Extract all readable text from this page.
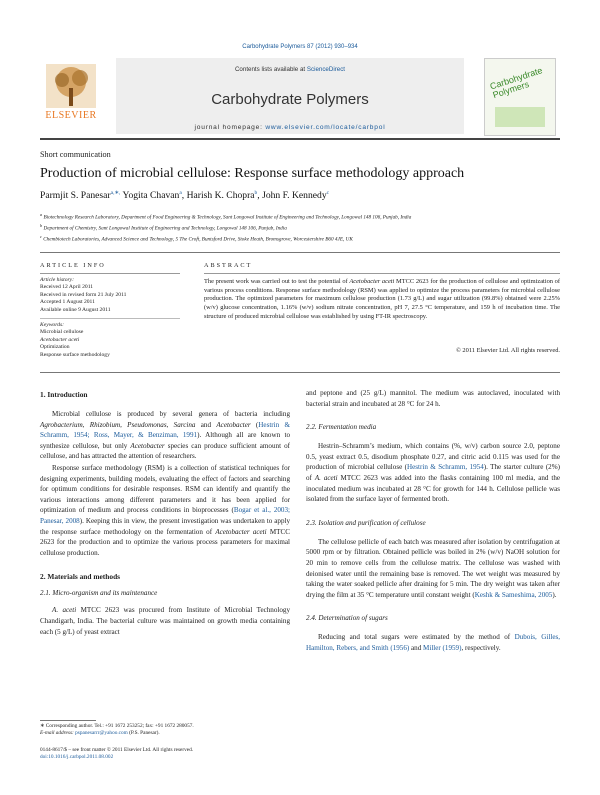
Carbohydrate Polymers 87 (2012) 930–934
ELSEVIER
Contents lists available at ScienceDirect
Carbohydrate Polymers
Carbohydrate Polymers
journal homepage: www.elsevier.com/locate/carbpol
Short communication
Production of microbial cellulose: Response surface methodology approach
Parmjit S. Panesar$^{a,∗,}$ Yogita Chavan$^a$, Harish K. Chopra$^b$, John F. Kennedy$^c$
$^a$ Biotechnology Research Laboratory, Department of Food Engineering & Technology, Sant Longowal Institute of Engineering and Technology, Longowal 148 106, Punjab, India
$^b$ Department of Chemistry, Sant Longowal Institute of Engineering and Technology, Longowal 148 106, Punjab, India
$^c$ Chembiotech Laboratories, Advanced Science and Technology, 5 The Croft, Buntsford Drive, Stoke Heath, Bromsgrove, Worcestershire B60 4JE, UK
ARTICLE INFO
Article history:
Received 12 April 2011
Received in revised form 21 July 2011
Accepted 1 August 2011
Available online 9 August 2011
Keywords:
Microbial cellulose
Acetobacter aceti
Optimization
Response surface methodology
ABSTRACT
The present work was carried out to test the potential of Acetobacter aceti MTCC 2623 for the production of cellulose and optimization of various process conditions. Response surface methodology (RSM) was applied to optimize the process parameters for microbial cellulose production. The optimized parameters for maximum cellulose production (1.73 g/L) and sugar utilization (99.8%) obtained were 2.25% (w/v) glucose concentration, 1.16% (w/v) sodium nitrate concentration, pH 7, 27.5 °C temperature, and 159 h of incubation time. The structure of produced microbial cellulose was established by using FT-IR spectroscopy.
© 2011 Elsevier Ltd. All rights reserved.
1. Introduction

Microbial cellulose is produced by several genera of bacteria including Agrobacterium, Rhizobium, Pseudomonas, Sarcina and Acetobacter (Hestrin & Schramm, 1954; Ross, Mayer, & Benziman, 1991). Although all are known to synthesize cellulose, but only Acetobacter species can produce sufficient amount of cellulose, and has attracted the attention of researchers.

Response surface methodology (RSM) is a collection of statistical techniques for designing experiments, building models, evaluating the effect of factors and searching for optimum conditions for desirable responses. RSM can identify and quantify the various interactions among different parameters and it has been applied for optimization of medium and process conditions in bioprocesses (Bogar et al., 2003; Panesar, 2008). Keeping this in view, the present investigation was undertaken to apply the response surface methodology on the fermentation of Acetobacter aceti MTCC 2623 for the production and to optimize the various process parameters for maximal cellulose production.

2. Materials and methods
2.1. Micro-organism and its maintenance

A. aceti MTCC 2623 was procured from Institute of Microbial Technology Chandigarh, India. The bacterial culture was maintained on growth media containing each (5 g/L) of yeast extract

∗ Corresponding author. Tel.: +91 1672 253252; fax: +91 1672 280057.
E-mail address: pspanesarrr@yahoo.com (P.S. Panesar).
0144-8617/$ – see front matter © 2011 Elsevier Ltd. All rights reserved.
doi:10.1016/j.carbpol.2011.08.002
and peptone and (25 g/L) mannitol. The medium was autoclaved, inoculated with bacterial strain and incubated at 28 °C for 24 h.
2.2. Fermentation media

Hestrin–Schramm’s medium, which contains (%, w/v) carbon source 2.0, peptone 0.5, yeast extract 0.5, disodium phosphate 0.27, and citric acid 0.115 was used for the production of microbial cellulose (Hestrin & Schramm, 1954). The starter culture (2%) of A. aceti MTCC 2623 was added into the flasks containing 100 ml media, and the inoculated medium was incubated at 28 °C for growth for 144 h. Cellulose pellicle was isolated from the surface layer of fermented broth.

2.3. Isolation and purification of cellulose

The cellulose pellicle of each batch was measured after isolation by centrifugation at 5000 rpm or by filtration. Obtained pellicle was boiled in 2% (w/v) NaOH solution for 20 min to remove cells from the cellulose matrix. The cellulose was washed with deionised water until the remaining base is removed. The wet weight was measured by taking the water soaked pellicle after draining for 5 min. The dry weight was taken after drying the film at 35 °C temperature until constant weight (Keshk & Sameshima, 2005).

2.4. Determination of sugars

Reducing and total sugars were estimated by the method of Dubois, Gilles, Hamilton, Rebers, and Smith (1956) and Miller (1959), respectively.
